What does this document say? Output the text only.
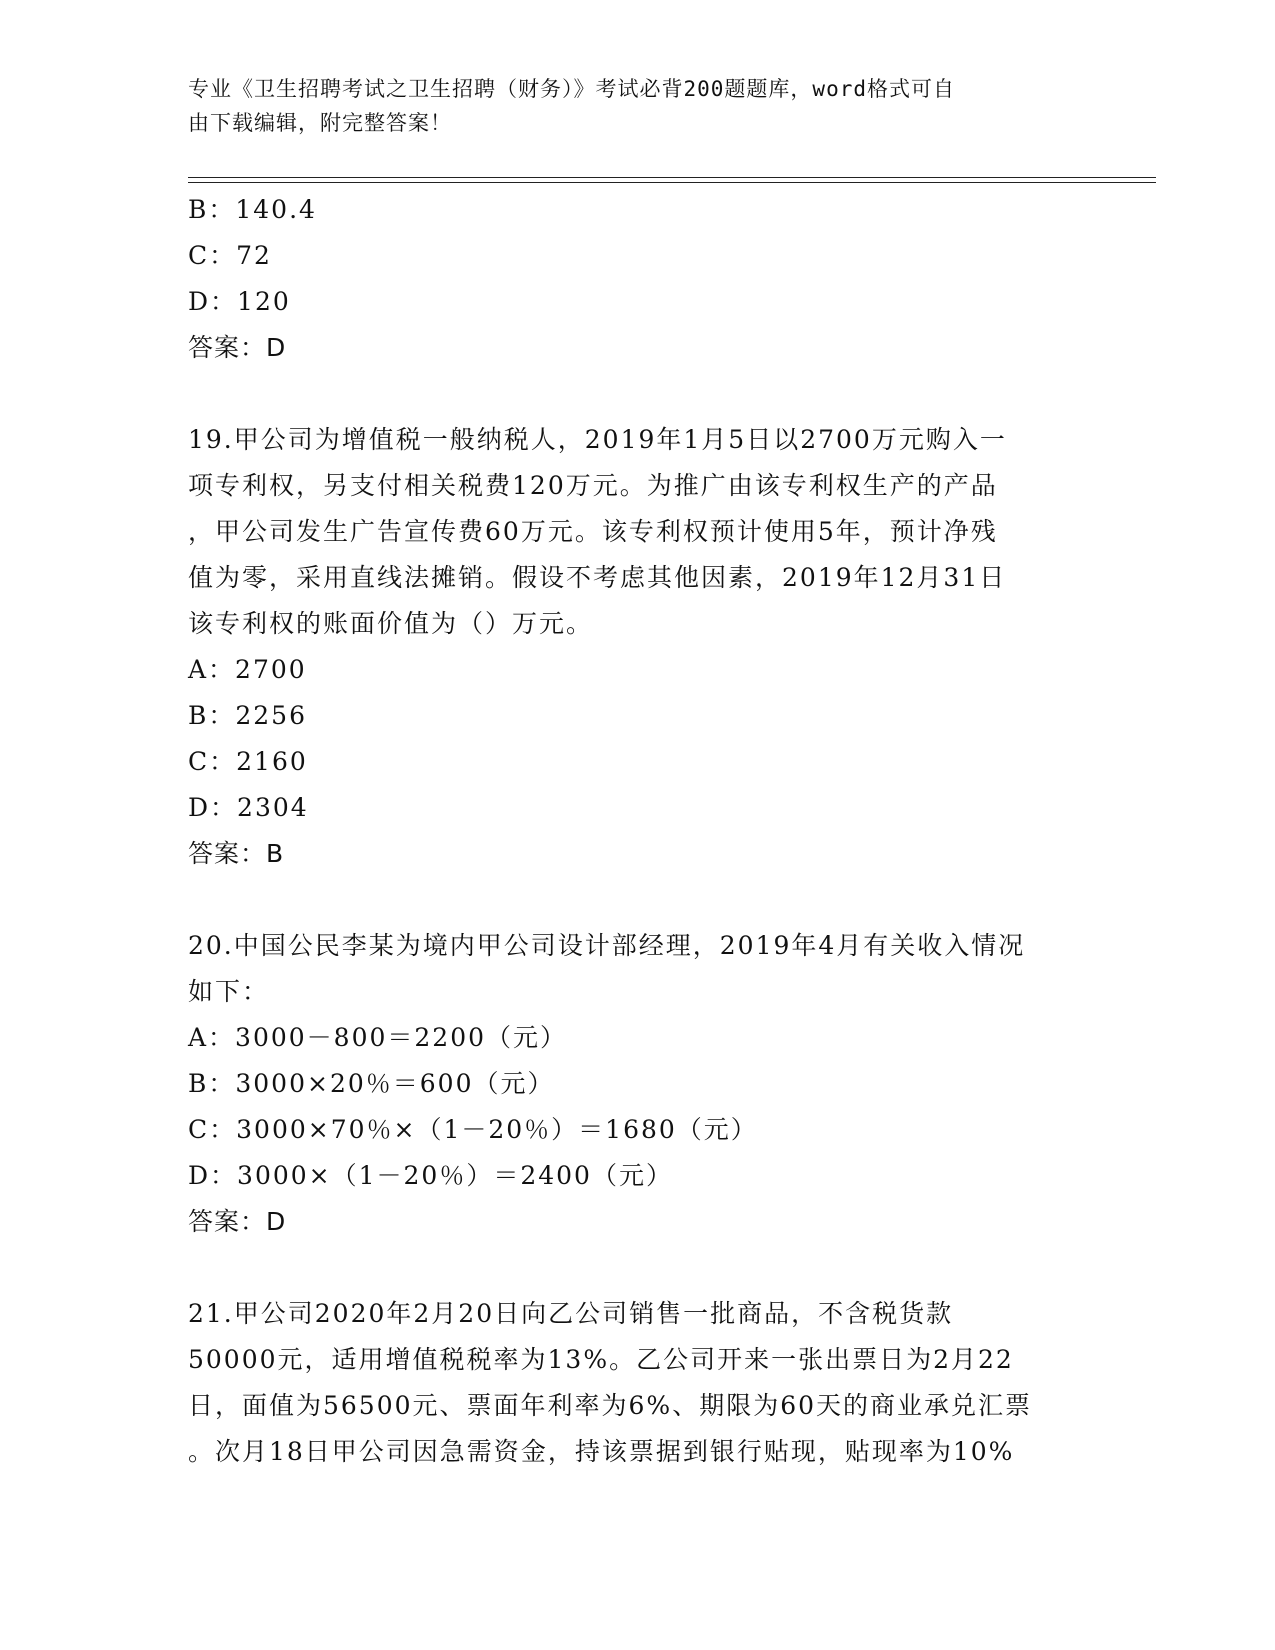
专业《卫生招聘考试之卫生招聘（财务）》考试必背200题题库，word格式可自
由下载编辑，附完整答案！
B：140.4
C：72
D：120
答案：D
19.甲公司为增值税一般纳税人，2019年1月5日以2700万元购入一
项专利权，另支付相关税费120万元。为推广由该专利权生产的产品
，甲公司发生广告宣传费60万元。该专利权预计使用5年，预计净残
值为零，采用直线法摊销。假设不考虑其他因素，2019年12月31日
该专利权的账面价值为（）万元。
A：2700
B：2256
C：2160
D：2304
答案：B
20.中国公民李某为境内甲公司设计部经理，2019年4月有关收入情况
如下：
A：3000－800＝2200（元）
B：3000×20％＝600（元）
C：3000×70％×（1－20％）＝1680（元）
D：3000×（1－20％）＝2400（元）
答案：D
21.甲公司2020年2月20日向乙公司销售一批商品，不含税货款
50000元，适用增值税税率为13%。乙公司开来一张出票日为2月22
日，面值为56500元、票面年利率为6%、期限为60天的商业承兑汇票
。次月18日甲公司因急需资金，持该票据到银行贴现，贴现率为10%
